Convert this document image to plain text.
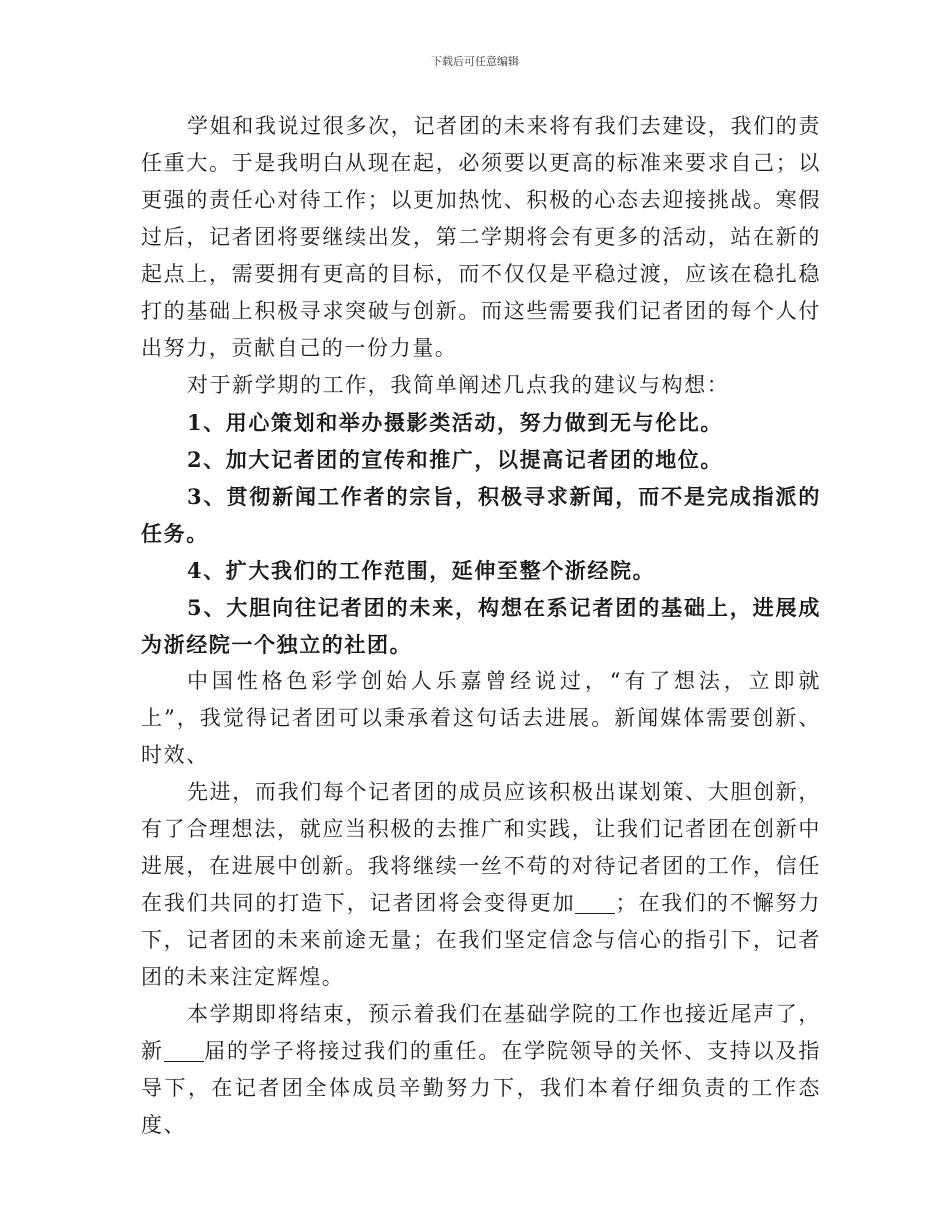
下载后可任意编辑

学姐和我说过很多次，记者团的未来将有我们去建设，我们的责任重大。于是我明白从现在起，必须要以更高的标准来要求自己；以更强的责任心对待工作；以更加热忱、积极的心态去迎接挑战。寒假过后，记者团将要继续出发，第二学期将会有更多的活动，站在新的起点上，需要拥有更高的目标，而不仅仅是平稳过渡，应该在稳扎稳打的基础上积极寻求突破与创新。而这些需要我们记者团的每个人付出努力，贡献自己的一份力量。

对于新学期的工作，我简单阐述几点我的建议与构想：

1、用心策划和举办摄影类活动，努力做到无与伦比。

2、加大记者团的宣传和推广，以提高记者团的地位。

3、贯彻新闻工作者的宗旨，积极寻求新闻，而不是完成指派的任务。

4、扩大我们的工作范围，延伸至整个浙经院。

5、大胆向往记者团的未来，构想在系记者团的基础上，进展成为浙经院一个独立的社团。

中国性格色彩学创始人乐嘉曾经说过，“有了想法，立即就上”，我觉得记者团可以秉承着这句话去进展。新闻媒体需要创新、时效、

先进，而我们每个记者团的成员应该积极出谋划策、大胆创新，有了合理想法，就应当积极的去推广和实践，让我们记者团在创新中进展，在进展中创新。我将继续一丝不苟的对待记者团的工作，信任在我们共同的打造下，记者团将会变得更加 ；在我们的不懈努力下，记者团的未来前途无量；在我们坚定信念与信心的指引下，记者团的未来注定辉煌。

本学期即将结束，预示着我们在基础学院的工作也接近尾声了，新 届的学子将接过我们的重任。在学院领导的关怀、支持以及指导下，在记者团全体成员辛勤努力下，我们本着仔细负责的工作态度、
